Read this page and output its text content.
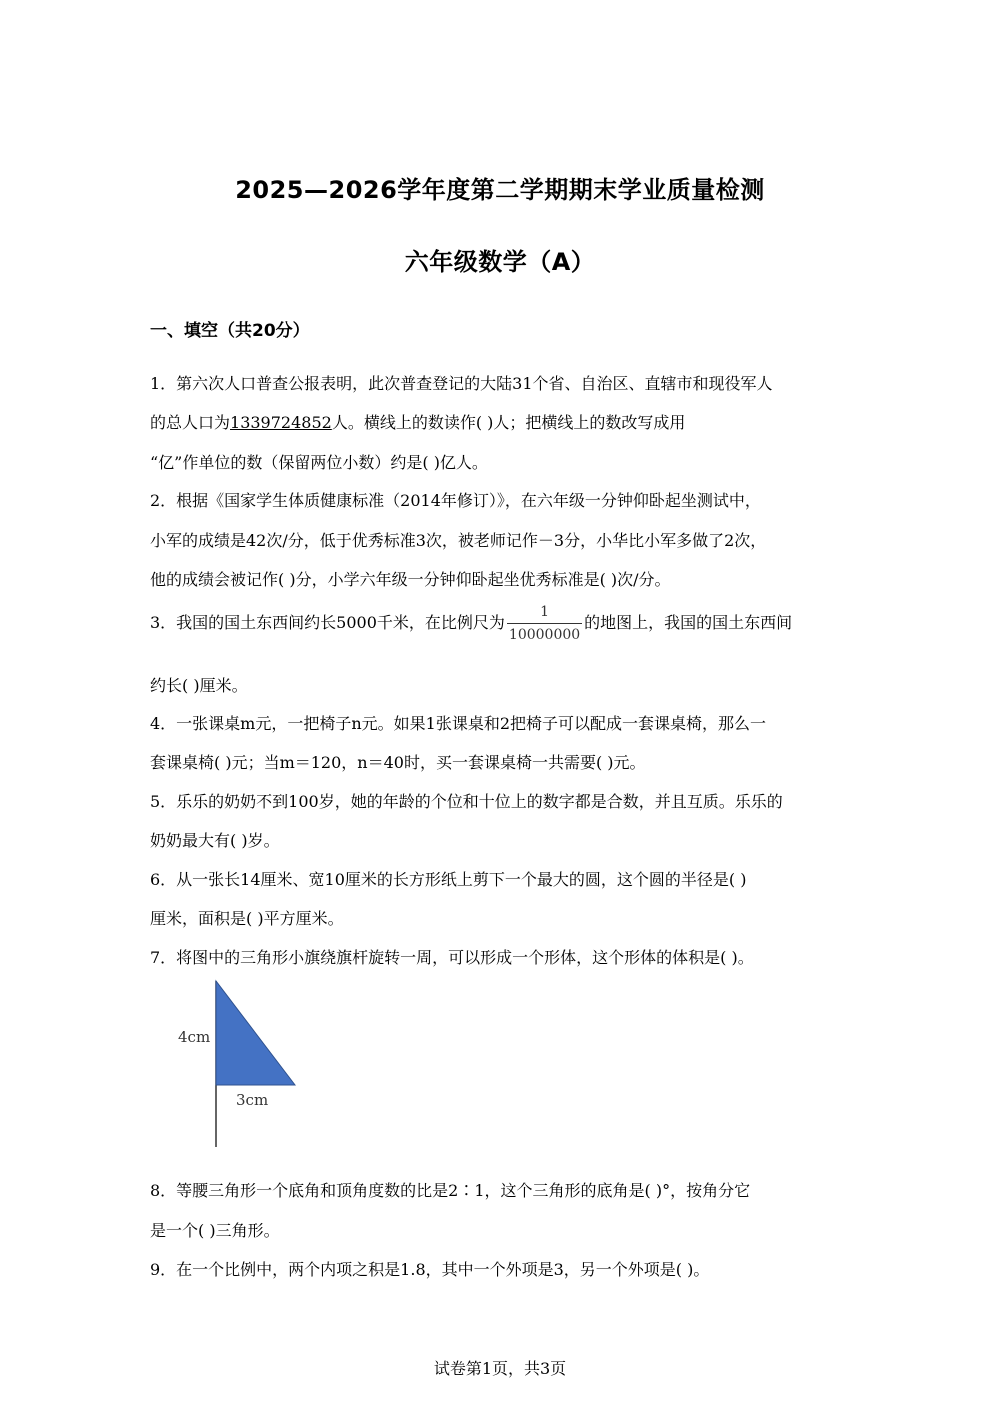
2025—2026学年度第二学期期末学业质量检测
六年级数学（A）
一、填空（共20分）
1．第六次人口普查公报表明，此次普查登记的大陆31个省、自治区、直辖市和现役军人
的总人口为1339724852人。横线上的数读作( )人；把横线上的数改写成用
“亿”作单位的数（保留两位小数）约是( )亿人。
2．根据《国家学生体质健康标准（2014年修订）》，在六年级一分钟仰卧起坐测试中，
小军的成绩是42次/分，低于优秀标准3次，被老师记作－3分，小华比小军多做了2次，
他的成绩会被记作( )分，小学六年级一分钟仰卧起坐优秀标准是( )次/分。
3．我国的国土东西间约长5000千米，在比例尺为 $\frac{1}{10000000}$ 的地图上，我国的国土东西间
约长( )厘米。
4．一张课桌m元，一把椅子n元。如果1张课桌和2把椅子可以配成一套课桌椅，那么一
套课桌椅( )元；当m＝120，n＝40时，买一套课桌椅一共需要( )元。
5．乐乐的奶奶不到100岁，她的年龄的个位和十位上的数字都是合数，并且互质。乐乐的
奶奶最大有( )岁。
6．从一张长14厘米、宽10厘米的长方形纸上剪下一个最大的圆，这个圆的半径是( )
厘米，面积是( )平方厘米。
7．将图中的三角形小旗绕旗杆旋转一周，可以形成一个形体，这个形体的体积是( )。
4cm
3cm
8．等腰三角形一个底角和顶角度数的比是2∶1，这个三角形的底角是( )°，按角分它
是一个( )三角形。
9．在一个比例中，两个内项之积是1.8，其中一个外项是3，另一个外项是( )。
试卷第1页，共3页
